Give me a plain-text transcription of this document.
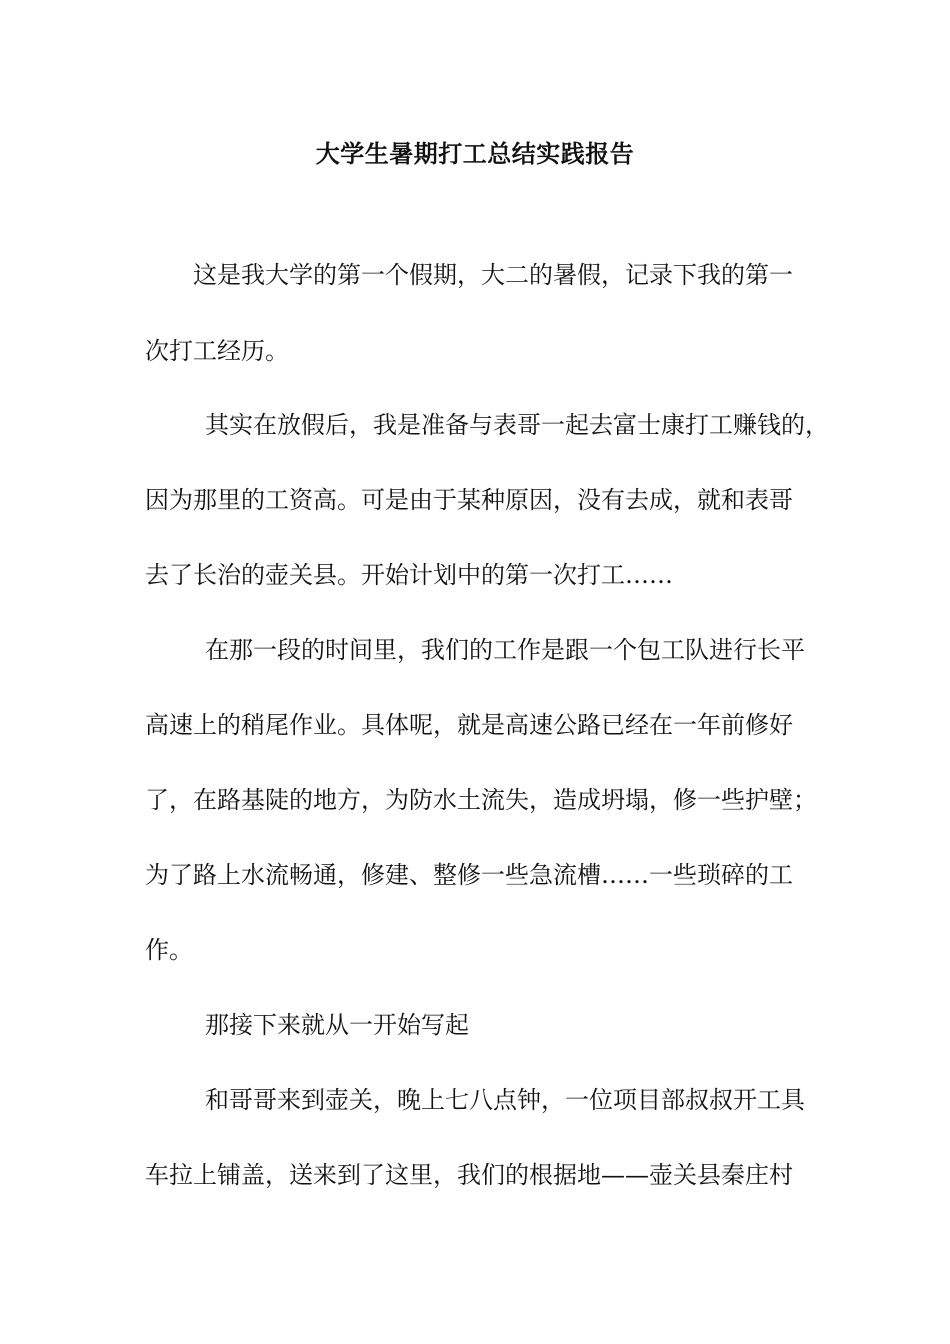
大学生暑期打工总结实践报告
这是我大学的第一个假期，大二的暑假，记录下我的第一
次打工经历。
其实在放假后，我是准备与表哥一起去富士康打工赚钱的，
因为那里的工资高。可是由于某种原因，没有去成，就和表哥
去了长治的壶关县。开始计划中的第一次打工……
在那一段的时间里，我们的工作是跟一个包工队进行长平
高速上的稍尾作业。具体呢，就是高速公路已经在一年前修好
了，在路基陡的地方，为防水土流失，造成坍塌，修一些护壁；
为了路上水流畅通，修建、整修一些急流槽……一些琐碎的工
作。
那接下来就从一开始写起
和哥哥来到壶关，晚上七八点钟，一位项目部叔叔开工具
车拉上铺盖，送来到了这里，我们的根据地——壶关县秦庄村
